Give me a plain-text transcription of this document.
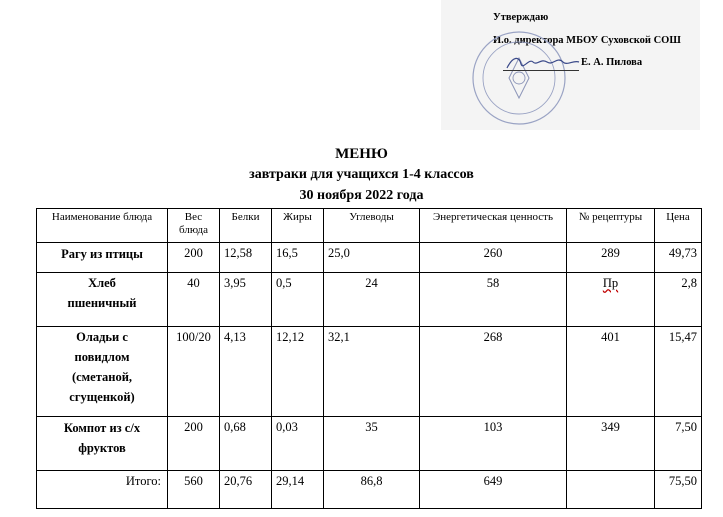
Утверждаю
И.о. директора МБОУ Суховской СОШ
Е. А. Пилова
МЕНЮ
завтраки для учащихся 1-4 классов
30 ноября 2022 года
Наименование блюда	Вес блюда	Белки	Жиры	Углеводы	Энергетическая ценность	№ рецептуры	Цена
Рагу из птицы	200	12,58	16,5	25,0	260	289	49,73
Хлеб пшеничный	40	3,95	0,5	24	58	Пр	2,8
Оладьи с повидлом (сметаной, сгущенкой)	100/20	4,13	12,12	32,1	268	401	15,47
Компот из с/х фруктов	200	0,68	0,03	35	103	349	7,50
Итого:	560	20,76	29,14	86,8	649		75,50
